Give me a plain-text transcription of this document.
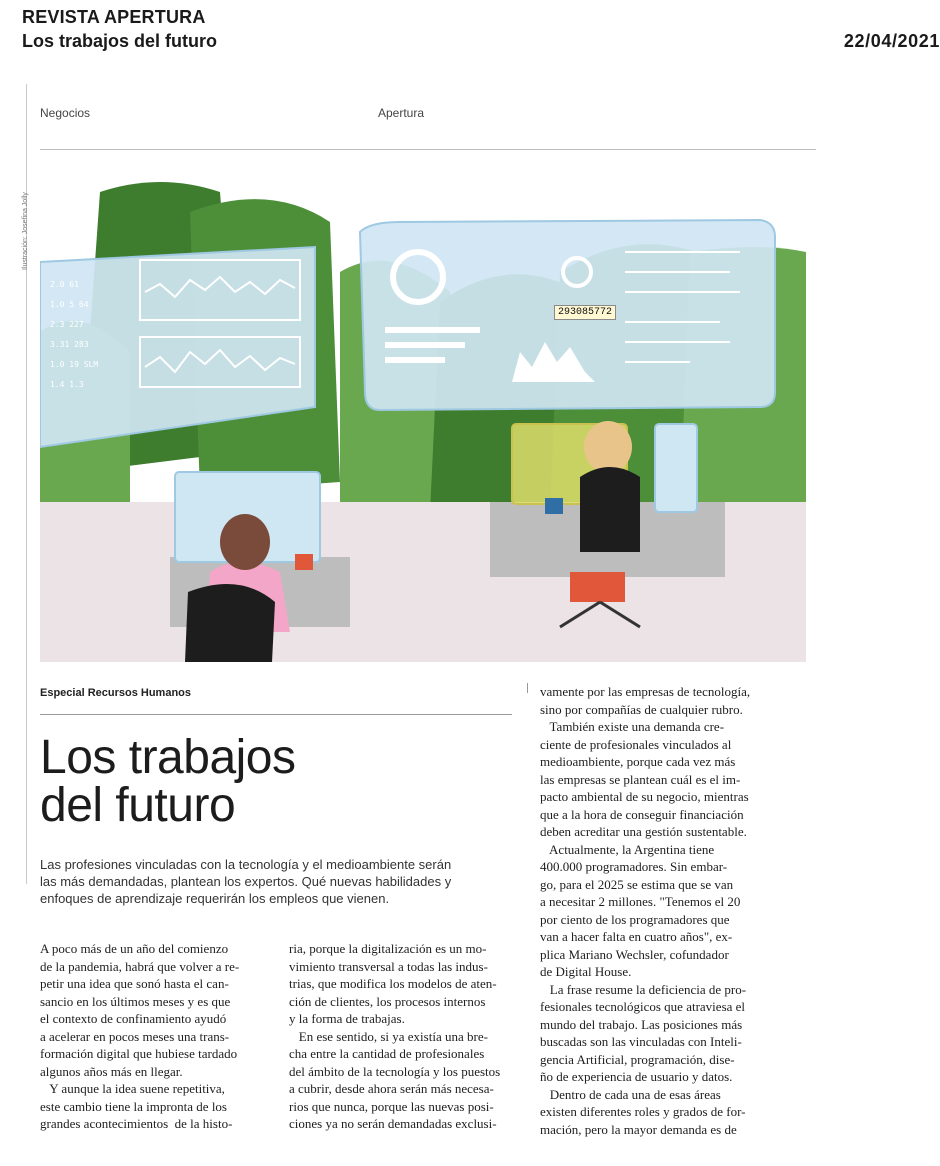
REVISTA APERTURA
Los trabajos del futuro	22/04/2021
Negocios	Apertura
Ilustración: Josefina Jolly
2.0 61
1.0 5 64
2.3 227
3.31 283
1.0 19 SLM
1.4 1.3
293085772
Especial Recursos Humanos
Los trabajos
del futuro
Las profesiones vinculadas con la tecnología y el medioambiente serán
las más demandadas, plantean los expertos. Qué nuevas habilidades y
enfoques de aprendizaje requerirán los empleos que vienen.
A poco más de un año del comienzo
de la pandemia, habrá que volver a re-
petir una idea que sonó hasta el can-
sancio en los últimos meses y es que
el contexto de confinamiento ayudó
a acelerar en pocos meses una trans-
formación digital que hubiese tardado
algunos años más en llegar.
Y aunque la idea suene repetitiva,
este cambio tiene la impronta de los
grandes acontecimientos  de la histo-
ria, porque la digitalización es un mo-
vimiento transversal a todas las indus-
trias, que modifica los modelos de aten-
ción de clientes, los procesos internos
y la forma de trabajas.
En ese sentido, si ya existía una bre-
cha entre la cantidad de profesionales
del ámbito de la tecnología y los puestos
a cubrir, desde ahora serán más necesa-
rios que nunca, porque las nuevas posi-
ciones ya no serán demandadas exclusi-
vamente por las empresas de tecnología,
sino por compañías de cualquier rubro.
También existe una demanda cre-
ciente de profesionales vinculados al
medioambiente, porque cada vez más
las empresas se plantean cuál es el im-
pacto ambiental de su negocio, mientras
que a la hora de conseguir financiación
deben acreditar una gestión sustentable.
Actualmente, la Argentina tiene
400.000 programadores. Sin embar-
go, para el 2025 se estima que se van
a necesitar 2 millones. "Tenemos el 20
por ciento de los programadores que
van a hacer falta en cuatro años", ex-
plica Mariano Wechsler, cofundador
de Digital House.
La frase resume la deficiencia de pro-
fesionales tecnológicos que atraviesa el
mundo del trabajo. Las posiciones más
buscadas son las vinculadas con Inteli-
gencia Artificial, programación, dise-
ño de experiencia de usuario y datos.
Dentro de cada una de esas áreas
existen diferentes roles y grados de for-
mación, pero la mayor demanda es de
